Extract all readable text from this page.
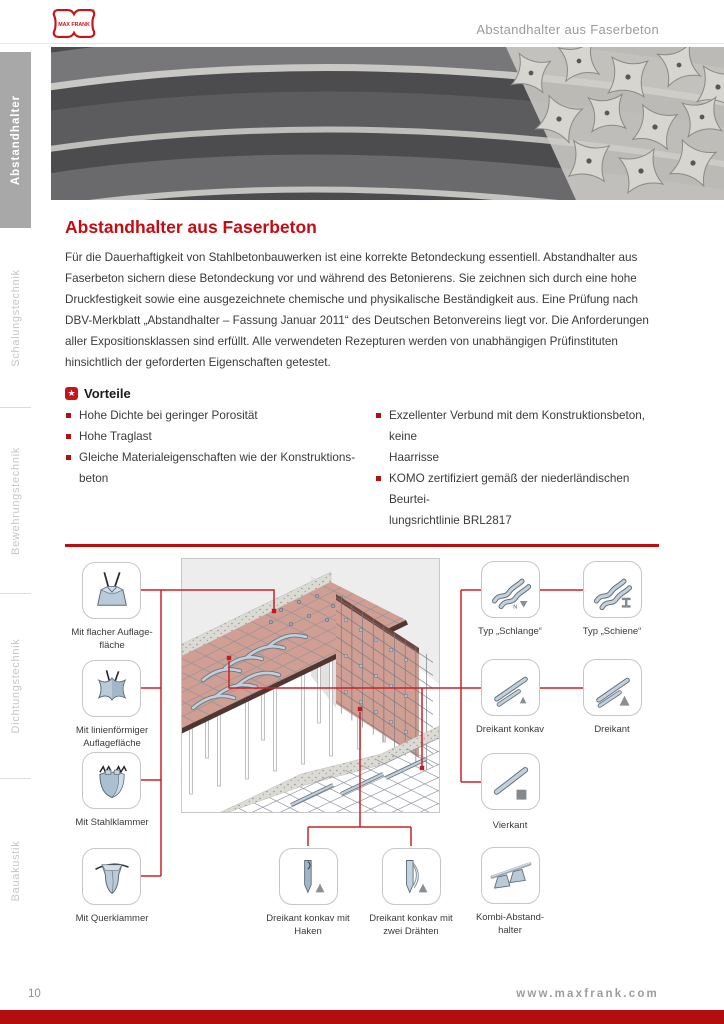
MAX FRANK
®
Abstandhalter aus Faserbeton
Abstandhalter
Schalungstechnik
Bewehrungstechnik
Dichtungstechnik
Bauakustik
Abstandhalter aus Faserbeton

Für die Dauerhaftigkeit von Stahlbetonbauwerken ist eine korrekte Betondeckung essentiell. Abstandhalter aus Faserbeton sichern diese Betondeckung vor und während des Betonierens. Sie zeichnen sich durch eine hohe Druckfestigkeit sowie eine ausgezeichnete chemische und physikalische Beständigkeit aus. Eine Prüfung nach DBV-Merkblatt „Abstandhalter – Fassung Januar 2011“ des Deutschen Betonvereins liegt vor. Die Anforderungen aller Expositionsklassen sind erfüllt. Alle verwendeten Rezepturen werden von unabhängigen Prüfinstituten hinsichtlich der geforderten Eigenschaften getestet.

★ Vorteile
Hohe Dichte bei geringer Porosität
Hohe Traglast
Gleiche Materialeigenschaften wie der Konstruktions-
beton
Exzellenter Verbund mit dem Konstruktionsbeton, keine
Haarrisse
KOMO zertifiziert gemäß der niederländischen Beurtei-
lungsrichtlinie BRL2817
Mit flacher Auflage-
fläche
Mit linienförmiger
Auflagefläche
Mit Stahlklammer
Mit Querklammer
N
Typ „Schlange“	Typ „Schiene“
Dreikant konkav	Dreikant
Vierkant
Kombi-Abstand-
halter
Dreikant konkav mit
Haken
Dreikant konkav mit
zwei Drähten
10	www.maxfrank.com
